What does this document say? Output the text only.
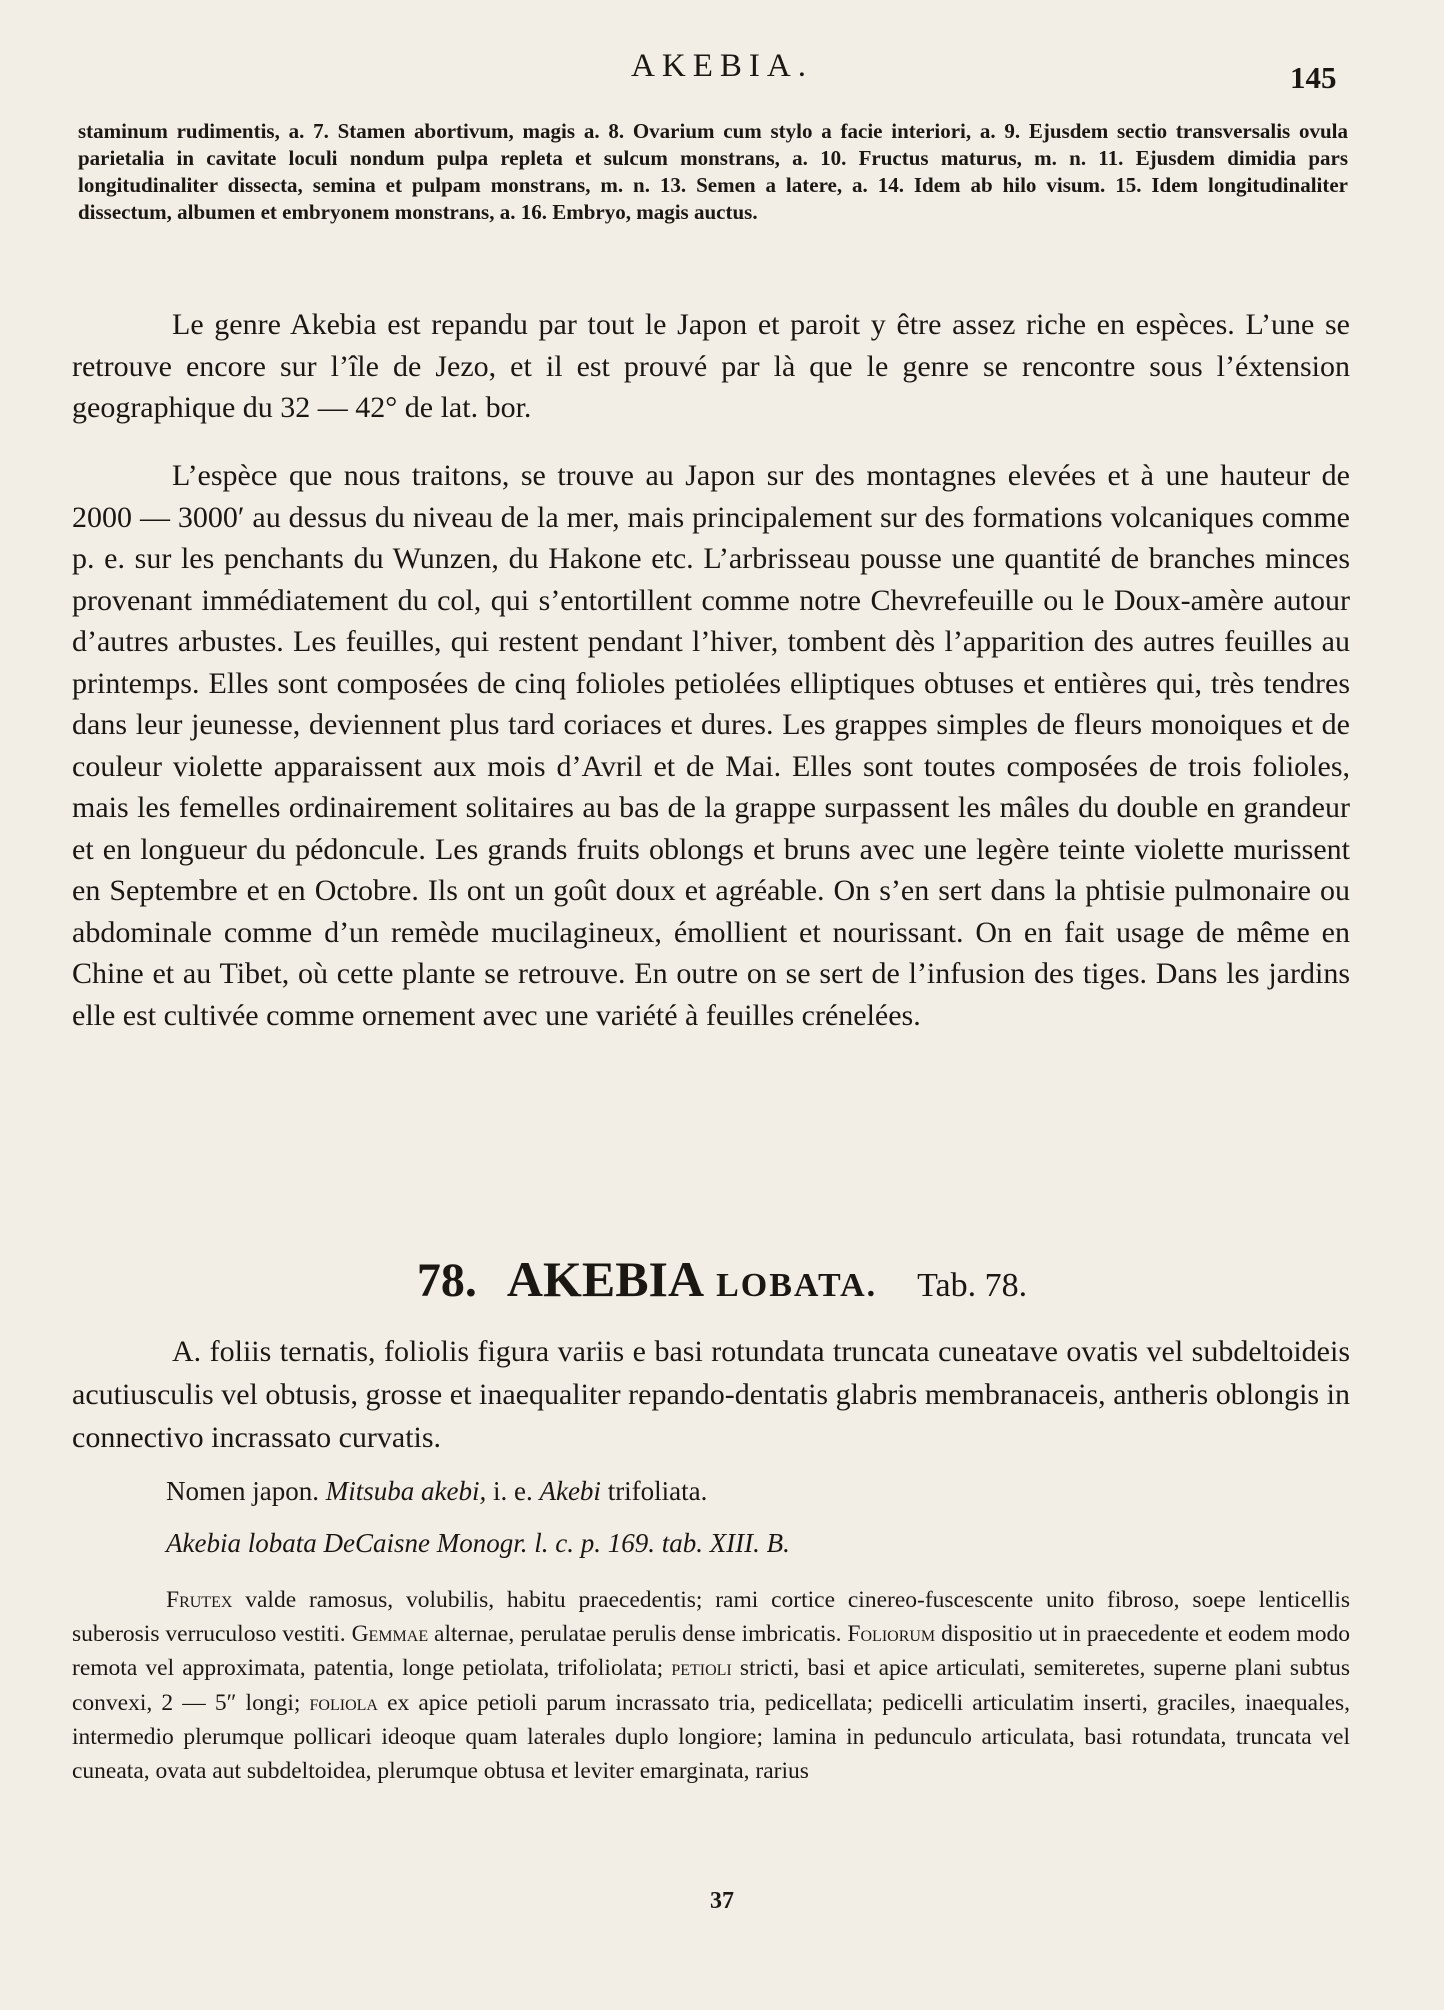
AKEBIA.	145
staminum rudimentis, a. 7. Stamen abortivum, magis a. 8. Ovarium cum stylo a facie interiori, a. 9. Ejusdem sectio transversalis ovula parietalia in cavitate loculi nondum pulpa repleta et sulcum monstrans, a. 10. Fructus maturus, m. n. 11. Ejusdem dimidia pars longitudinaliter dissecta, semina et pulpam monstrans, m. n. 13. Semen a latere, a. 14. Idem ab hilo visum. 15. Idem longitudinaliter dissectum, albumen et embryonem monstrans, a. 16. Embryo, magis auctus.

Le genre Akebia est repandu par tout le Japon et paroit y être assez riche en espèces. L’une se retrouve encore sur l’île de Jezo, et il est prouvé par là que le genre se rencontre sous l’éxtension geographique du 32 — 42° de lat. bor.

L’espèce que nous traitons, se trouve au Japon sur des montagnes elevées et à une hauteur de 2000 — 3000′ au dessus du niveau de la mer, mais principalement sur des formations volcaniques comme p. e. sur les penchants du Wunzen, du Hakone etc. L’arbrisseau pousse une quantité de branches minces provenant immédiatement du col, qui s’entortillent comme notre Chevrefeuille ou le Doux-amère autour d’autres arbustes. Les feuilles, qui restent pendant l’hiver, tombent dès l’apparition des autres feuilles au printemps. Elles sont composées de cinq folioles petiolées elliptiques obtuses et entières qui, très tendres dans leur jeunesse, deviennent plus tard coriaces et dures. Les grappes simples de fleurs monoiques et de couleur violette apparaissent aux mois d’Avril et de Mai. Elles sont toutes composées de trois folioles, mais les femelles ordinairement solitaires au bas de la grappe surpassent les mâles du double en grandeur et en longueur du pédoncule. Les grands fruits oblongs et bruns avec une legère teinte violette murissent en Septembre et en Octobre. Ils ont un goût doux et agréable. On s’en sert dans la phtisie pulmonaire ou abdominale comme d’un remède mucilagineux, émollient et nourissant. On en fait usage de même en Chine et au Tibet, où cette plante se retrouve. En outre on se sert de l’infusion des tiges. Dans les jardins elle est cultivée comme ornement avec une variété à feuilles crénelées.

78. AKEBIA LOBATA. Tab. 78.

A. foliis ternatis, foliolis figura variis e basi rotundata truncata cuneatave ovatis vel subdeltoideis acutiusculis vel obtusis, grosse et inaequaliter repando-dentatis glabris membranaceis, antheris oblongis in connectivo incrassato curvatis.

Nomen japon. Mitsuba akebi, i. e. Akebi trifoliata.
Akebia lobata DeCaisne Monogr. l. c. p. 169. tab. XIII. B.

Frutex valde ramosus, volubilis, habitu praecedentis; rami cortice cinereo-fuscescente unito fibroso, soepe lenticellis suberosis verruculoso vestiti. Gemmae alternae, perulatae perulis dense imbricatis. Foliorum dispositio ut in praecedente et eodem modo remota vel approximata, patentia, longe petiolata, trifoliolata; petioli stricti, basi et apice articulati, semiteretes, superne plani subtus convexi, 2 — 5″ longi; foliola ex apice petioli parum incrassato tria, pedicellata; pedicelli articulatim inserti, graciles, inaequales, intermedio plerumque pollicari ideoque quam laterales duplo longiore; lamina in pedunculo articulata, basi rotundata, truncata vel cuneata, ovata aut subdeltoidea, plerumque obtusa et leviter emarginata, rarius

37
